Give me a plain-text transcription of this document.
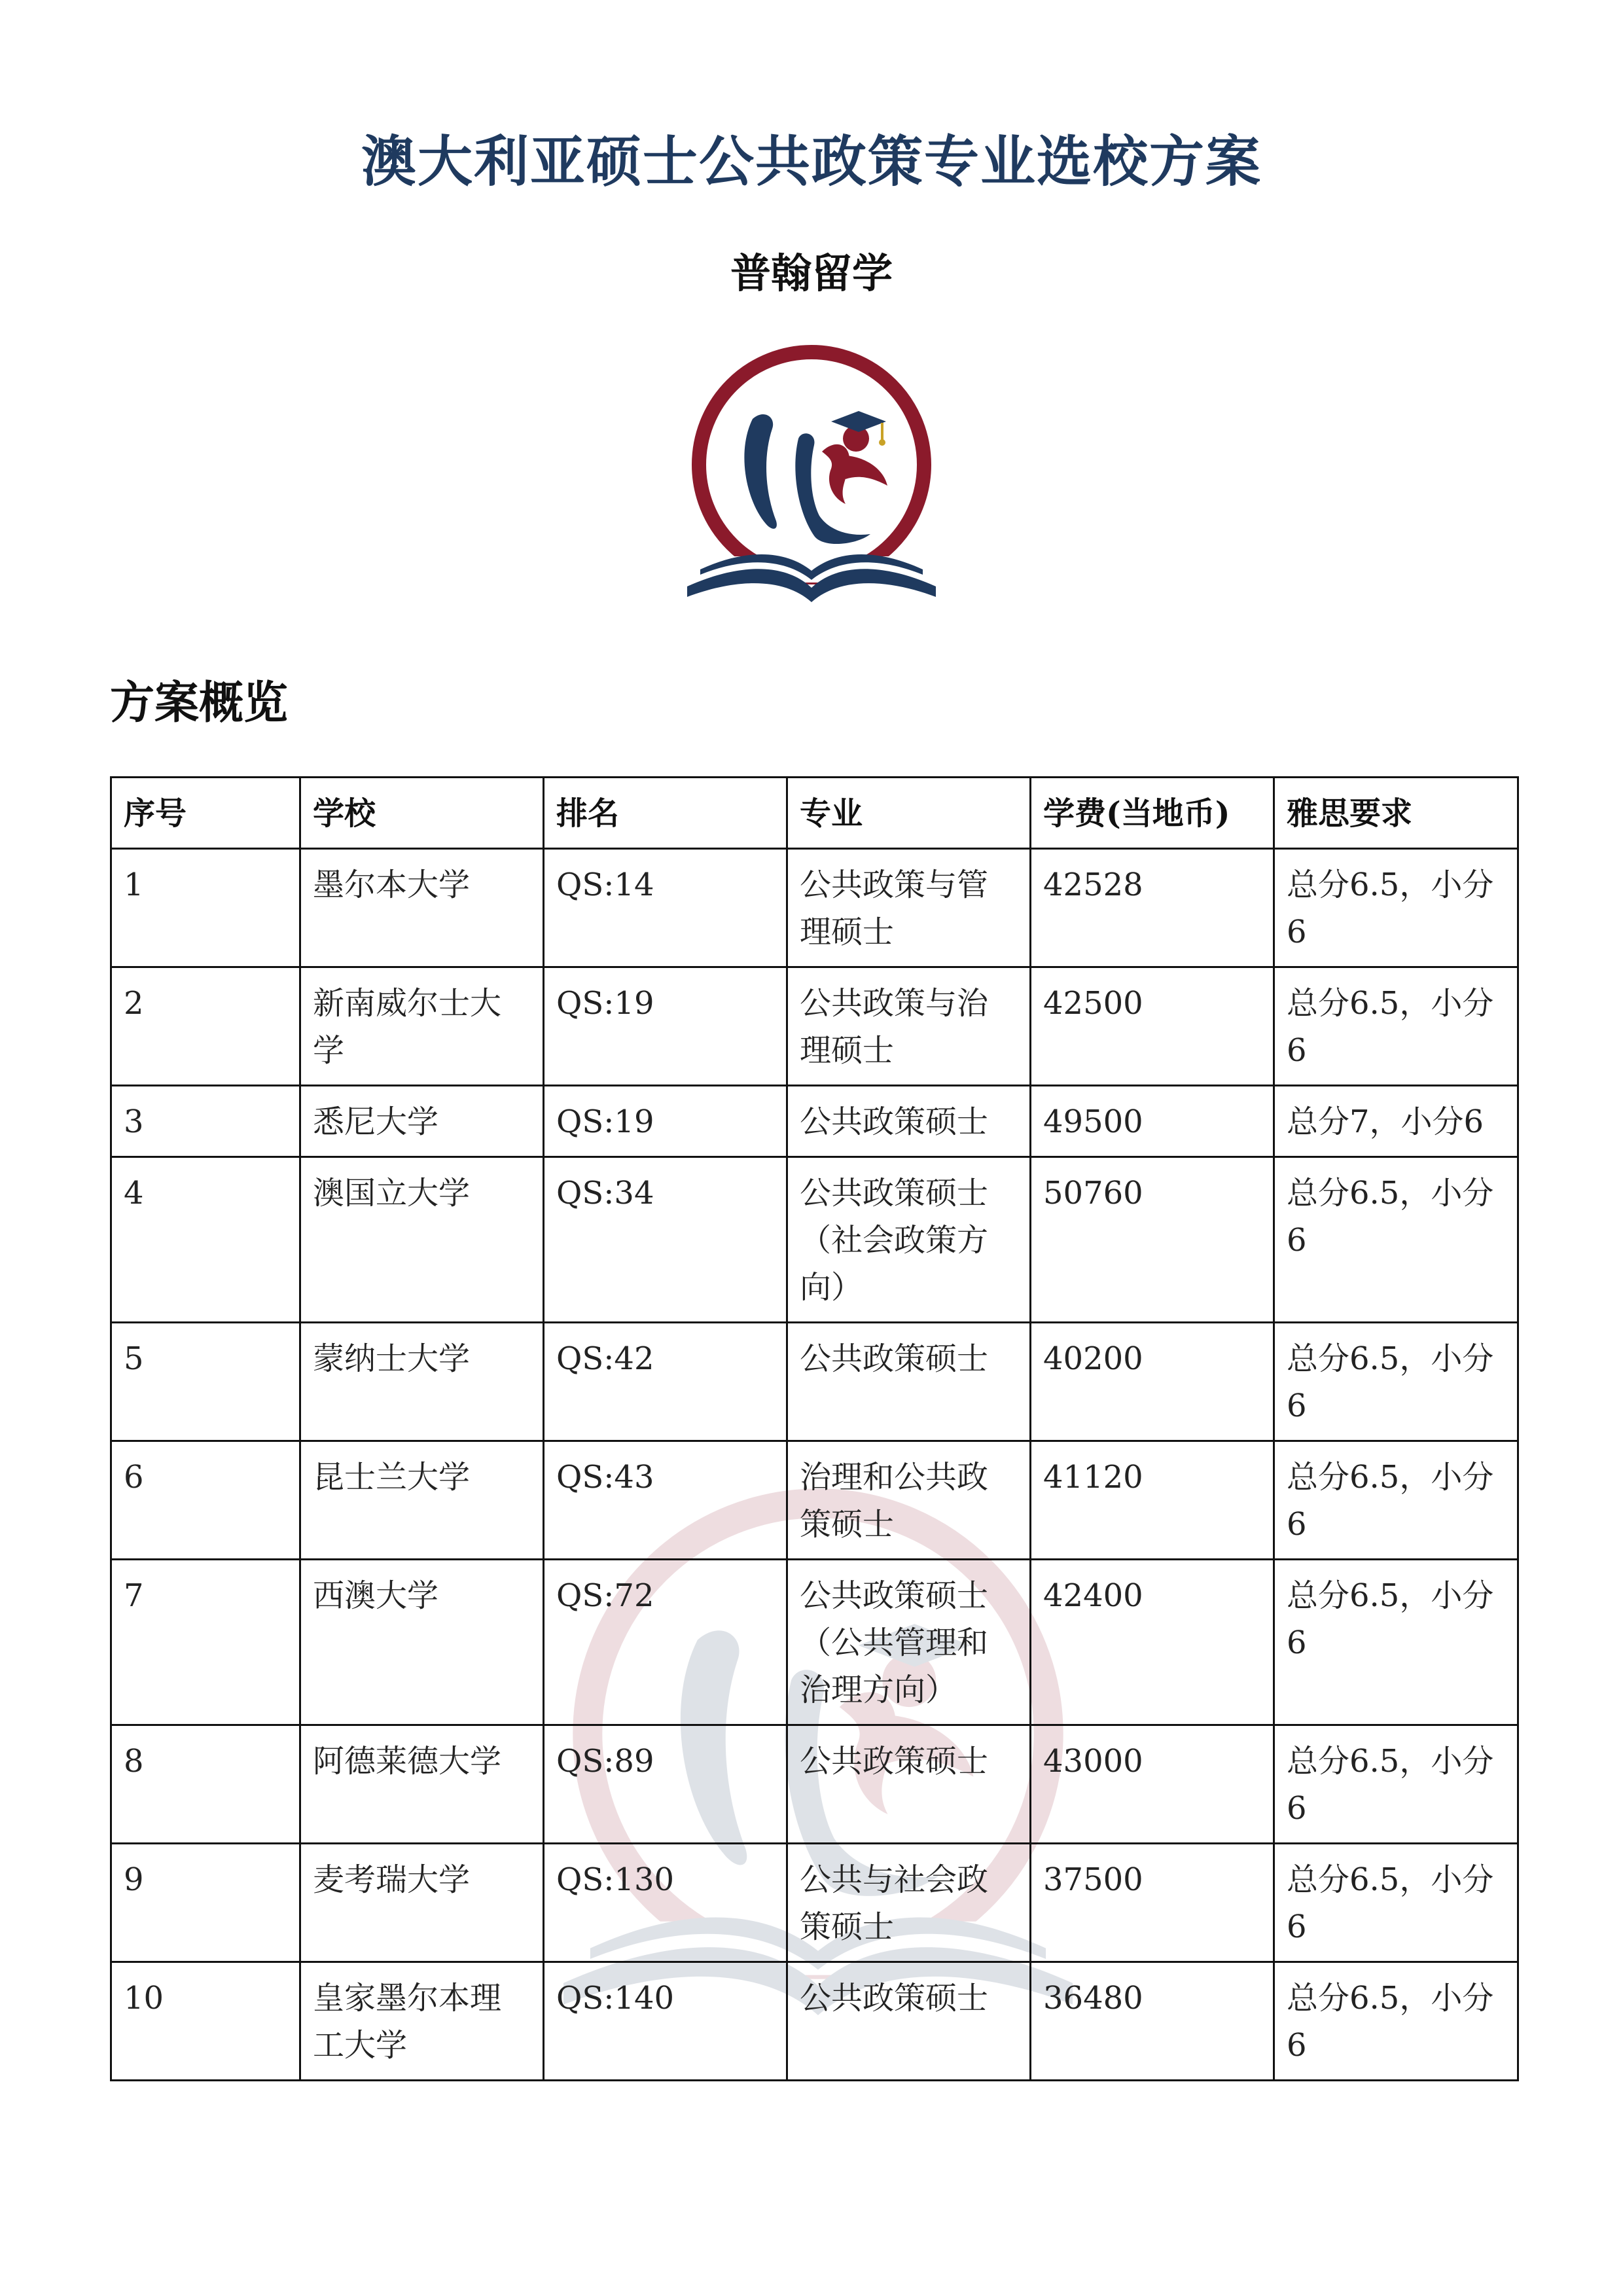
澳大利亚硕士公共政策专业选校方案
普翰留学
方案概览
序号	学校	排名	专业	学费(当地币)	雅思要求
1	墨尔本大学	QS:14	公共政策与管理硕士	42528	总分6.5，小分6
2	新南威尔士大学	QS:19	公共政策与治理硕士	42500	总分6.5，小分6
3	悉尼大学	QS:19	公共政策硕士	49500	总分7，小分6
4	澳国立大学	QS:34	公共政策硕士（社会政策方向）	50760	总分6.5，小分6
5	蒙纳士大学	QS:42	公共政策硕士	40200	总分6.5，小分6
6	昆士兰大学	QS:43	治理和公共政策硕士	41120	总分6.5，小分6
7	西澳大学	QS:72	公共政策硕士（公共管理和治理方向）	42400	总分6.5，小分6
8	阿德莱德大学	QS:89	公共政策硕士	43000	总分6.5，小分6
9	麦考瑞大学	QS:130	公共与社会政策硕士	37500	总分6.5，小分6
10	皇家墨尔本理工大学	QS:140	公共政策硕士	36480	总分6.5，小分6
